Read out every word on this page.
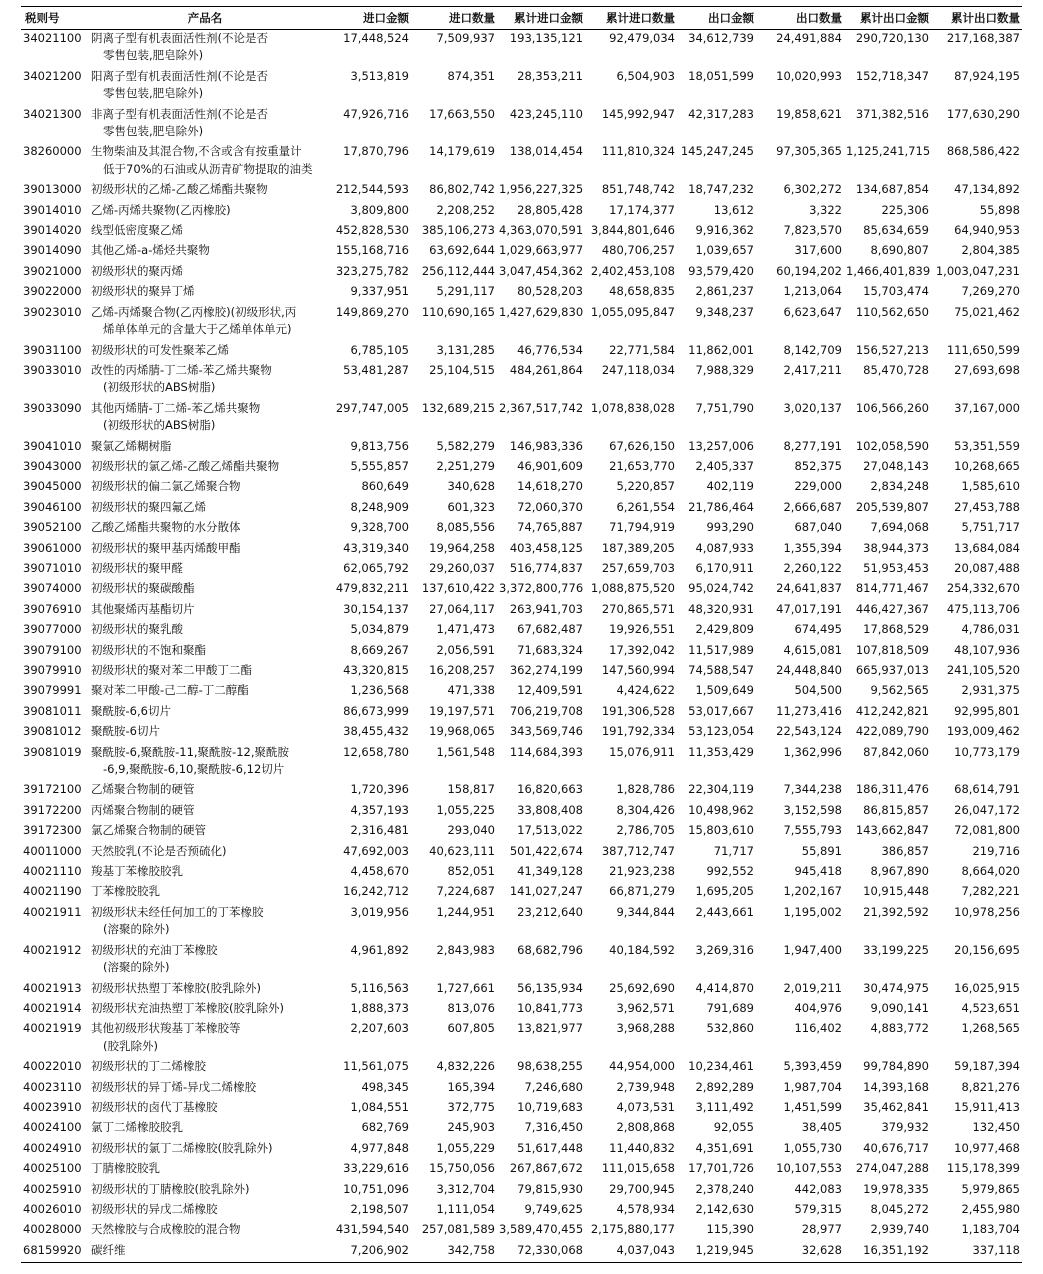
税则号	产品名	进口金额	进口数量	累计进口金额	累计进口数量	出口金额	出口数量	累计出口金额	累计出口数量
34021100	阴离子型有机表面活性剂(不论是否
零售包装,肥皂除外)	17,448,524	7,509,937	193,135,121	92,479,034	34,612,739	24,491,884	290,720,130	217,168,387
34021200	阳离子型有机表面活性剂(不论是否
零售包装,肥皂除外)	3,513,819	874,351	28,353,211	6,504,903	18,051,599	10,020,993	152,718,347	87,924,195
34021300	非离子型有机表面活性剂(不论是否
零售包装,肥皂除外)	47,926,716	17,663,550	423,245,110	145,992,947	42,317,283	19,858,621	371,382,516	177,630,290
38260000	生物柴油及其混合物,不含或含有按重量计
低于70%的石油或从沥青矿物提取的油类	17,870,796	14,179,619	138,014,454	111,810,324	145,247,245	97,305,365	1,125,241,715	868,586,422
39013000	初级形状的乙烯-乙酸乙烯酯共聚物	212,544,593	86,802,742	1,956,227,325	851,748,742	18,747,232	6,302,272	134,687,854	47,134,892
39014010	乙烯-丙烯共聚物(乙丙橡胶)	3,809,800	2,208,252	28,805,428	17,174,377	13,612	3,322	225,306	55,898
39014020	线型低密度聚乙烯	452,828,530	385,106,273	4,363,070,591	3,844,801,646	9,916,362	7,823,570	85,634,659	64,940,953
39014090	其他乙烯-a-烯烃共聚物	155,168,716	63,692,644	1,029,663,977	480,706,257	1,039,657	317,600	8,690,807	2,804,385
39021000	初级形状的聚丙烯	323,275,782	256,112,444	3,047,454,362	2,402,453,108	93,579,420	60,194,202	1,466,401,839	1,003,047,231
39022000	初级形状的聚异丁烯	9,337,951	5,291,117	80,528,203	48,658,835	2,861,237	1,213,064	15,703,474	7,269,270
39023010	乙烯-丙烯聚合物(乙丙橡胶)(初级形状,丙
烯单体单元的含量大于乙烯单体单元)	149,869,270	110,690,165	1,427,629,830	1,055,095,847	9,348,237	6,623,647	110,562,650	75,021,462
39031100	初级形状的可发性聚苯乙烯	6,785,105	3,131,285	46,776,534	22,771,584	11,862,001	8,142,709	156,527,213	111,650,599
39033010	改性的丙烯腈-丁二烯-苯乙烯共聚物
(初级形状的ABS树脂)	53,481,287	25,104,515	484,261,864	247,118,034	7,988,329	2,417,211	85,470,728	27,693,698
39033090	其他丙烯腈-丁二烯-苯乙烯共聚物
(初级形状的ABS树脂)	297,747,005	132,689,215	2,367,517,742	1,078,838,028	7,751,790	3,020,137	106,566,260	37,167,000
39041010	聚氯乙烯糊树脂	9,813,756	5,582,279	146,983,336	67,626,150	13,257,006	8,277,191	102,058,590	53,351,559
39043000	初级形状的氯乙烯-乙酸乙烯酯共聚物	5,555,857	2,251,279	46,901,609	21,653,770	2,405,337	852,375	27,048,143	10,268,665
39045000	初级形状的偏二氯乙烯聚合物	860,649	340,628	14,618,270	5,220,857	402,119	229,000	2,834,248	1,585,610
39046100	初级形状的聚四氟乙烯	8,248,909	601,323	72,060,370	6,261,554	21,786,464	2,666,687	205,539,807	27,453,788
39052100	乙酸乙烯酯共聚物的水分散体	9,328,700	8,085,556	74,765,887	71,794,919	993,290	687,040	7,694,068	5,751,717
39061000	初级形状的聚甲基丙烯酸甲酯	43,319,340	19,964,258	403,458,125	187,389,205	4,087,933	1,355,394	38,944,373	13,684,084
39071010	初级形状的聚甲醛	62,065,792	29,260,037	516,774,837	257,659,703	6,170,911	2,260,122	51,953,453	20,087,488
39074000	初级形状的聚碳酸酯	479,832,211	137,610,422	3,372,800,776	1,088,875,520	95,024,742	24,641,837	814,771,467	254,332,670
39076910	其他聚烯丙基酯切片	30,154,137	27,064,117	263,941,703	270,865,571	48,320,931	47,017,191	446,427,367	475,113,706
39077000	初级形状的聚乳酸	5,034,879	1,471,473	67,682,487	19,926,551	2,429,809	674,495	17,868,529	4,786,031
39079100	初级形状的不饱和聚酯	8,669,267	2,056,591	71,683,324	17,392,042	11,517,989	4,615,081	107,818,509	48,107,936
39079910	初级形状的聚对苯二甲酸丁二酯	43,320,815	16,208,257	362,274,199	147,560,994	74,588,547	24,448,840	665,937,013	241,105,520
39079991	聚对苯二甲酸-己二醇-丁二醇酯	1,236,568	471,338	12,409,591	4,424,622	1,509,649	504,500	9,562,565	2,931,375
39081011	聚酰胺-6,6切片	86,673,999	19,197,571	706,219,708	191,306,528	53,017,667	11,273,416	412,242,821	92,995,801
39081012	聚酰胺-6切片	38,455,432	19,968,065	343,569,746	191,792,334	53,123,054	22,543,124	422,089,790	193,009,462
39081019	聚酰胺-6,聚酰胺-11,聚酰胺-12,聚酰胺
-6,9,聚酰胺-6,10,聚酰胺-6,12切片	12,658,780	1,561,548	114,684,393	15,076,911	11,353,429	1,362,996	87,842,060	10,773,179
39172100	乙烯聚合物制的硬管	1,720,396	158,817	16,820,663	1,828,786	22,304,119	7,344,238	186,311,476	68,614,791
39172200	丙烯聚合物制的硬管	4,357,193	1,055,225	33,808,408	8,304,426	10,498,962	3,152,598	86,815,857	26,047,172
39172300	氯乙烯聚合物制的硬管	2,316,481	293,040	17,513,022	2,786,705	15,803,610	7,555,793	143,662,847	72,081,800
40011000	天然胶乳(不论是否预硫化)	47,692,003	40,623,111	501,422,674	387,712,747	71,717	55,891	386,857	219,716
40021110	羧基丁苯橡胶胶乳	4,458,670	852,051	41,349,128	21,923,238	992,552	945,418	8,967,890	8,664,020
40021190	丁苯橡胶胶乳	16,242,712	7,224,687	141,027,247	66,871,279	1,695,205	1,202,167	10,915,448	7,282,221
40021911	初级形状未经任何加工的丁苯橡胶
(溶聚的除外)	3,019,956	1,244,951	23,212,640	9,344,844	2,443,661	1,195,002	21,392,592	10,978,256
40021912	初级形状的充油丁苯橡胶
(溶聚的除外)	4,961,892	2,843,983	68,682,796	40,184,592	3,269,316	1,947,400	33,199,225	20,156,695
40021913	初级形状热塑丁苯橡胶(胶乳除外)	5,116,563	1,727,661	56,135,934	25,692,690	4,414,870	2,019,211	30,474,975	16,025,915
40021914	初级形状充油热塑丁苯橡胶(胶乳除外)	1,888,373	813,076	10,841,773	3,962,571	791,689	404,976	9,090,141	4,523,651
40021919	其他初级形状羧基丁苯橡胶等
(胶乳除外)	2,207,603	607,805	13,821,977	3,968,288	532,860	116,402	4,883,772	1,268,565
40022010	初级形状的丁二烯橡胶	11,561,075	4,832,226	98,638,255	44,954,000	10,234,461	5,393,459	99,784,890	59,187,394
40023110	初级形状的异丁烯-异戊二烯橡胶	498,345	165,394	7,246,680	2,739,948	2,892,289	1,987,704	14,393,168	8,821,276
40023910	初级形状的卤代丁基橡胶	1,084,551	372,775	10,719,683	4,073,531	3,111,492	1,451,599	35,462,841	15,911,413
40024100	氯丁二烯橡胶胶乳	682,769	245,903	7,316,450	2,808,868	92,055	38,405	379,932	132,450
40024910	初级形状的氯丁二烯橡胶(胶乳除外)	4,977,848	1,055,229	51,617,448	11,440,832	4,351,691	1,055,730	40,676,717	10,977,468
40025100	丁腈橡胶胶乳	33,229,616	15,750,056	267,867,672	111,015,658	17,701,726	10,107,553	274,047,288	115,178,399
40025910	初级形状的丁腈橡胶(胶乳除外)	10,751,096	3,312,704	79,815,930	29,700,945	2,378,240	442,083	19,978,335	5,979,865
40026010	初级形状的异戊二烯橡胶	2,198,507	1,111,054	9,749,625	4,578,934	2,142,630	579,315	8,045,272	2,455,980
40028000	天然橡胶与合成橡胶的混合物	431,594,540	257,081,589	3,589,470,455	2,175,880,177	115,390	28,977	2,939,740	1,183,704
68159920	碳纤维	7,206,902	342,758	72,330,068	4,037,043	1,219,945	32,628	16,351,192	337,118
